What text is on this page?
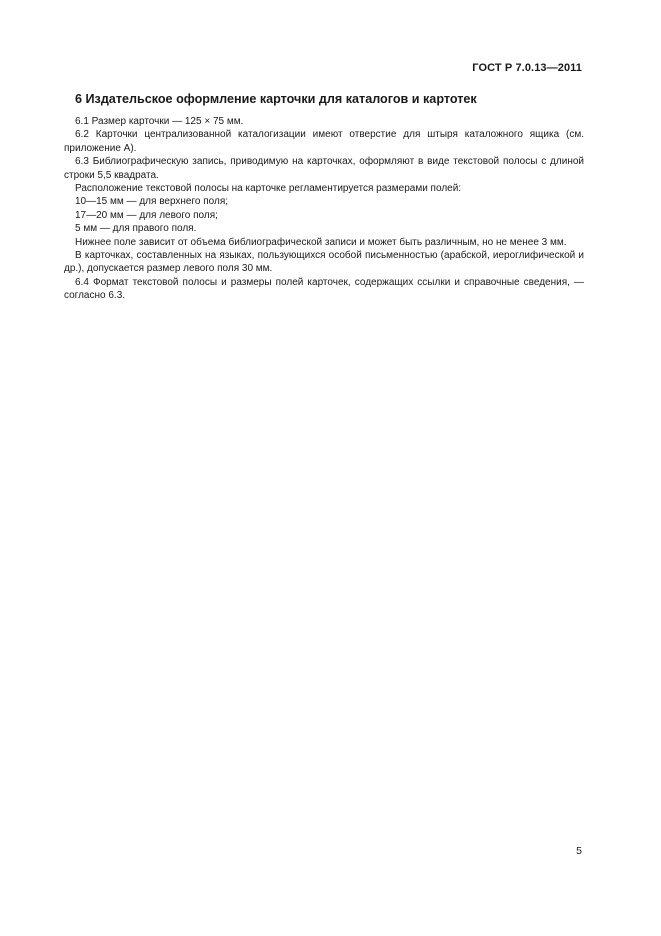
ГОСТ Р 7.0.13—2011
6 Издательское оформление карточки для каталогов и картотек

6.1 Размер карточки — 125 × 75 мм.

6.2 Карточки централизованной каталогизации имеют отверстие для штыря каталожного ящика (см. приложение А).

6.3 Библиографическую запись, приводимую на карточках, оформляют в виде текстовой полосы с длиной строки 5,5 квадрата.

Расположение текстовой полосы на карточке регламентируется размерами полей:

10—15 мм — для верхнего поля;

17—20 мм — для левого поля;

5 мм — для правого поля.

Нижнее поле зависит от объема библиографической записи и может быть различным, но не менее 3 мм.

В карточках, составленных на языках, пользующихся особой письменностью (арабской, иероглифической и др.), допускается размер левого поля 30 мм.

6.4 Формат текстовой полосы и размеры полей карточек, содержащих ссылки и справочные сведения, — согласно 6.3.

5
